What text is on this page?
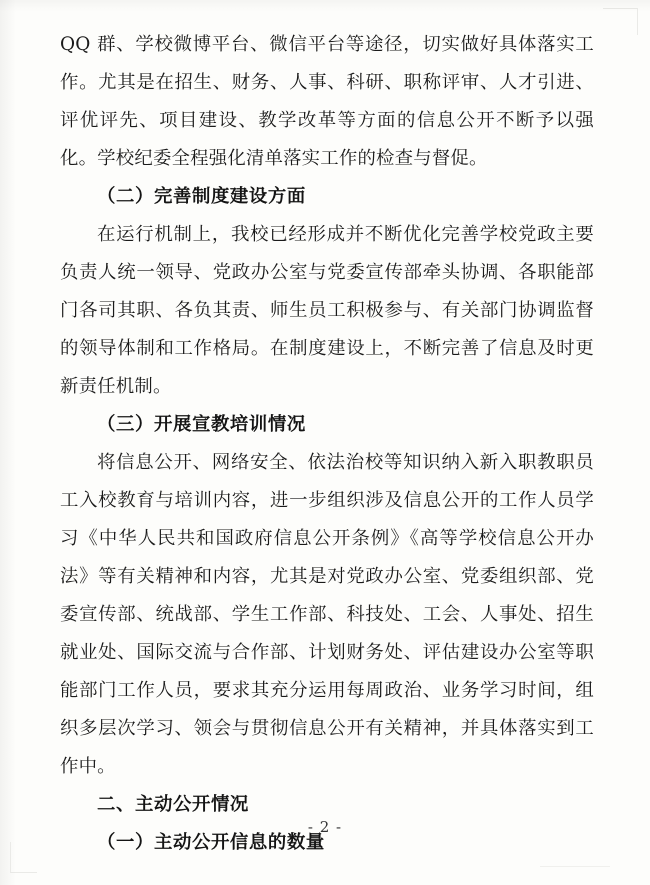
QQ 群、学校微博平台、微信平台等途径，切实做好具体落实工作。尤其是在招生、财务、人事、科研、职称评审、人才引进、评优评先、项目建设、教学改革等方面的信息公开不断予以强化。学校纪委全程强化清单落实工作的检查与督促。

（二）完善制度建设方面

在运行机制上，我校已经形成并不断优化完善学校党政主要负责人统一领导、党政办公室与党委宣传部牵头协调、各职能部门各司其职、各负其责、师生员工积极参与、有关部门协调监督的领导体制和工作格局。在制度建设上，不断完善了信息及时更新责任机制。

（三）开展宣教培训情况

将信息公开、网络安全、依法治校等知识纳入新入职教职员工入校教育与培训内容，进一步组织涉及信息公开的工作人员学习《中华人民共和国政府信息公开条例》《高等学校信息公开办法》等有关精神和内容，尤其是对党政办公室、党委组织部、党委宣传部、统战部、学生工作部、科技处、工会、人事处、招生就业处、国际交流与合作部、计划财务处、评估建设办公室等职能部门工作人员，要求其充分运用每周政治、业务学习时间，组织多层次学习、领会与贯彻信息公开有关精神，并具体落实到工作中。

二、主动公开情况
（一）主动公开信息的数量
- 2 -
